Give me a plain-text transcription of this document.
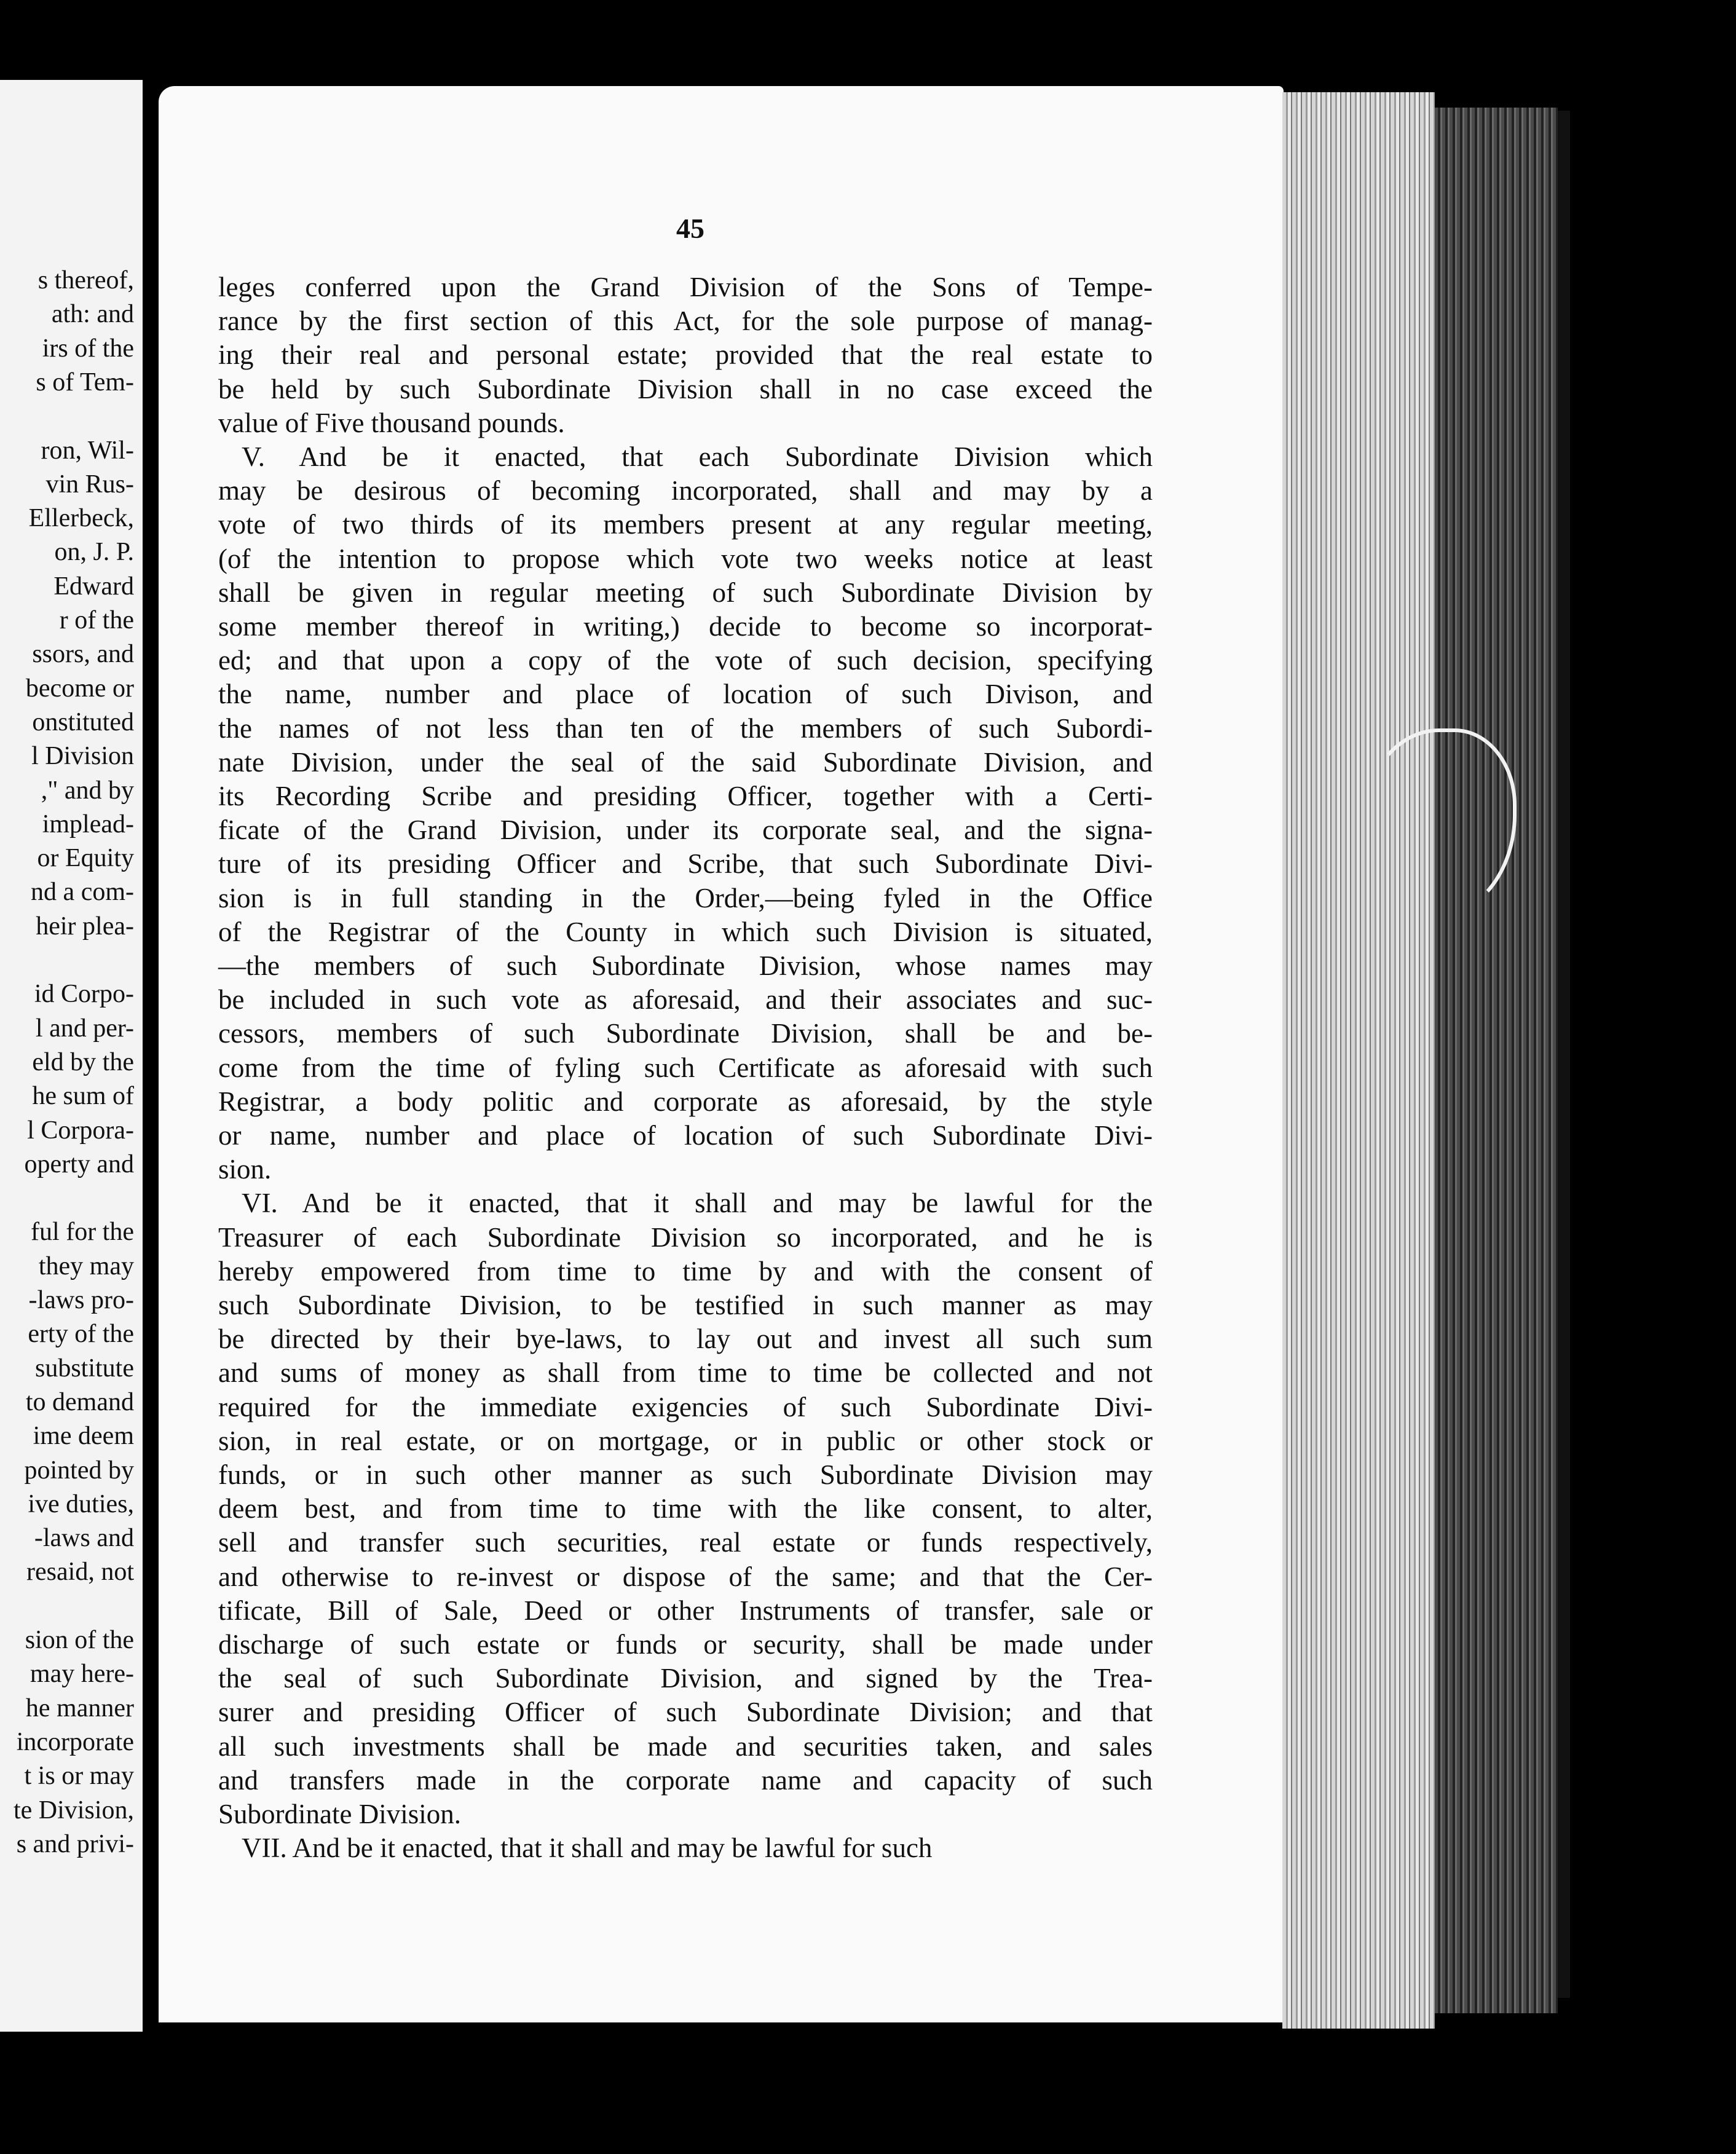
s thereof,
ath: and
irs of the
s of Tem-
ron, Wil-
vin Rus-
Ellerbeck,
on, J. P.
Edward
r of the
ssors, and
become or
onstituted
l Division
," and by
implead-
or Equity
nd a com-
heir plea-
id Corpo-
l and per-
eld by the
he sum of
l Corpora-
operty and
ful for the
they may
-laws pro-
erty of the
substitute
to demand
ime deem
pointed by
ive duties,
-laws and
resaid, not
sion of the
may here-
he manner
incorporate
t is or may
te Division,
s and privi-
45
leges conferred upon the Grand Division of the Sons of Tempe-
rance by the first section of this Act, for the sole purpose of manag-
ing their real and personal estate; provided that the real estate to
be held by such Subordinate Division shall in no case exceed the
value of Five thousand pounds.
V. And be it enacted, that each Subordinate Division which
may be desirous of becoming incorporated, shall and may by a
vote of two thirds of its members present at any regular meeting,
(of the intention to propose which vote two weeks notice at least
shall be given in regular meeting of such Subordinate Division by
some member thereof in writing,) decide to become so incorporat-
ed; and that upon a copy of the vote of such decision, specifying
the name, number and place of location of such Divison, and
the names of not less than ten of the members of such Subordi-
nate Division, under the seal of the said Subordinate Division, and
its Recording Scribe and presiding Officer, together with a Certi-
ficate of the Grand Division, under its corporate seal, and the signa-
ture of its presiding Officer and Scribe, that such Subordinate Divi-
sion is in full standing in the Order,—being fyled in the Office
of the Registrar of the County in which such Division is situated,
—the members of such Subordinate Division, whose names may
be included in such vote as aforesaid, and their associates and suc-
cessors, members of such Subordinate Division, shall be and be-
come from the time of fyling such Certificate as aforesaid with such
Registrar, a body politic and corporate as aforesaid, by the style
or name, number and place of location of such Subordinate Divi-
sion.
VI. And be it enacted, that it shall and may be lawful for the
Treasurer of each Subordinate Division so incorporated, and he is
hereby empowered from time to time by and with the consent of
such Subordinate Division, to be testified in such manner as may
be directed by their bye-laws, to lay out and invest all such sum
and sums of money as shall from time to time be collected and not
required for the immediate exigencies of such Subordinate Divi-
sion, in real estate, or on mortgage, or in public or other stock or
funds, or in such other manner as such Subordinate Division may
deem best, and from time to time with the like consent, to alter,
sell and transfer such securities, real estate or funds respectively,
and otherwise to re-invest or dispose of the same; and that the Cer-
tificate, Bill of Sale, Deed or other Instruments of transfer, sale or
discharge of such estate or funds or security, shall be made under
the seal of such Subordinate Division, and signed by the Trea-
surer and presiding Officer of such Subordinate Division; and that
all such investments shall be made and securities taken, and sales
and transfers made in the corporate name and capacity of such
Subordinate Division.
VII. And be it enacted, that it shall and may be lawful for such
